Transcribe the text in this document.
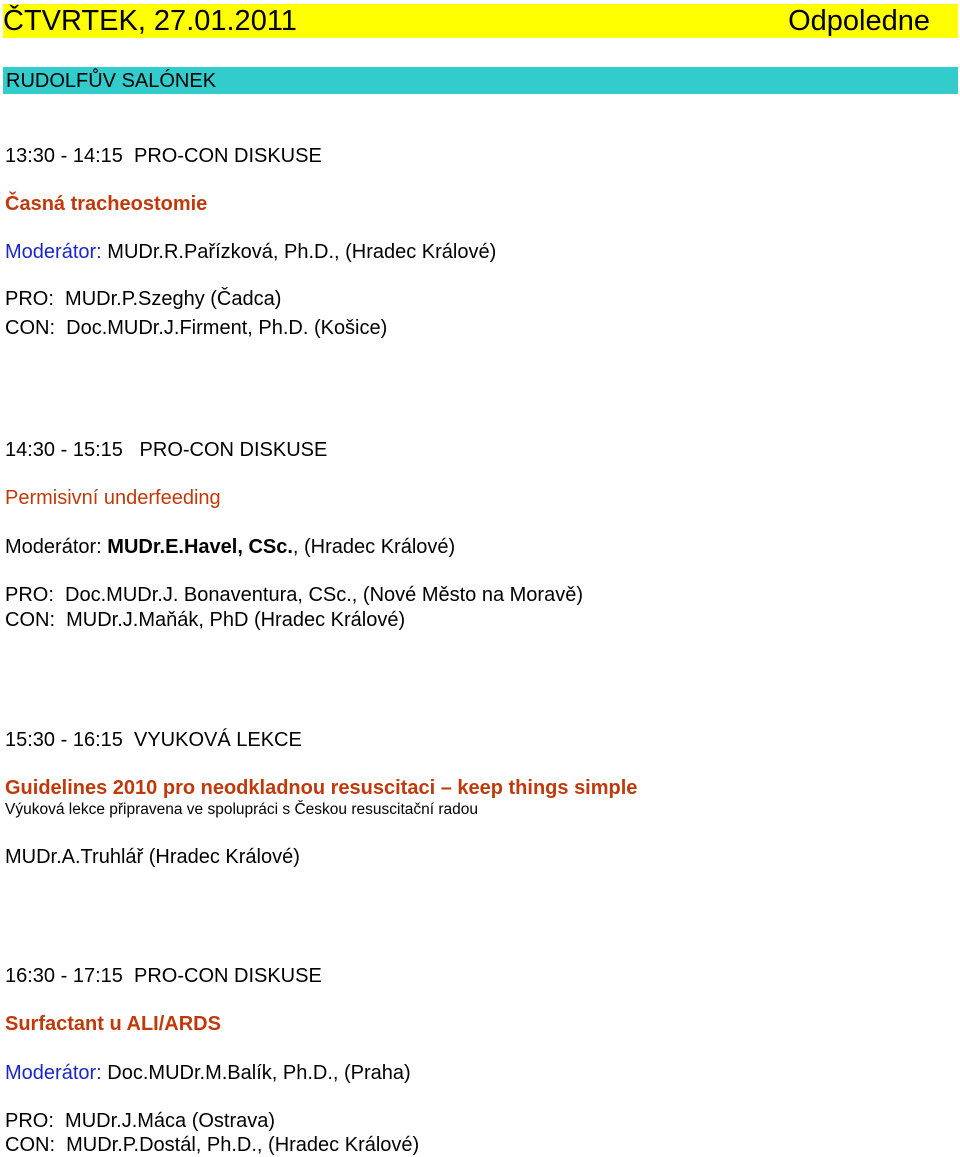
ČTVRTEK, 27.01.2011	Odpoledne
RUDOLFŮV SALÓNEK
13:30 - 14:15 PRO-CON DISKUSE
Časná tracheostomie
Moderátor: MUDr.R.Pařízková, Ph.D., (Hradec Králové)
PRO: MUDr.P.Szeghy (Čadca)
CON: Doc.MUDr.J.Firment, Ph.D. (Košice)
14:30 - 15:15 PRO-CON DISKUSE
Permisivní underfeeding
Moderátor: MUDr.E.Havel, CSc., (Hradec Králové)
PRO: Doc.MUDr.J. Bonaventura, CSc., (Nové Město na Moravě)
CON: MUDr.J.Maňák, PhD (Hradec Králové)
15:30 - 16:15 VYUKOVÁ LEKCE
Guidelines 2010 pro neodkladnou resuscitaci – keep things simple
Výuková lekce připravena ve spolupráci s Českou resuscitační radou
MUDr.A.Truhlář (Hradec Králové)
16:30 - 17:15 PRO-CON DISKUSE
Surfactant u ALI/ARDS
Moderátor: Doc.MUDr.M.Balík, Ph.D., (Praha)
PRO: MUDr.J.Máca (Ostrava)
CON: MUDr.P.Dostál, Ph.D., (Hradec Králové)
